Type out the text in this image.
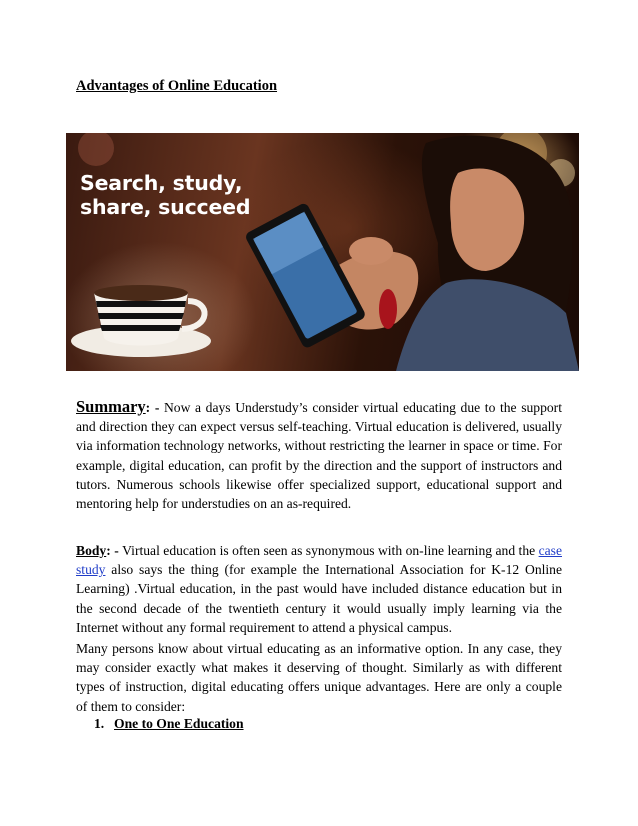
Advantages of Online Education
Search, study,
share, succeed

Summary: - Now a days Understudy’s consider virtual educating due to the support and direction they can expect versus self-teaching. Virtual education is delivered, usually via information technology networks, without restricting the learner in space or time. For example, digital education, can profit by the direction and the support of instructors and tutors. Numerous schools likewise offer specialized support, educational support and mentoring help for understudies on an as-required.

Body: - Virtual education is often seen as synonymous with on-line learning and the case study also says the thing (for example the International Association for K-12 Online Learning) .Virtual education, in the past would have included distance education but in the second decade of the twentieth century it would usually imply learning via the Internet without any formal requirement to attend a physical campus.

Many persons know about virtual educating as an informative option. In any case, they may consider exactly what makes it deserving of thought. Similarly as with different types of instruction, digital educating offers unique advantages. Here are only a couple of them to consider:

1. One to One Education
